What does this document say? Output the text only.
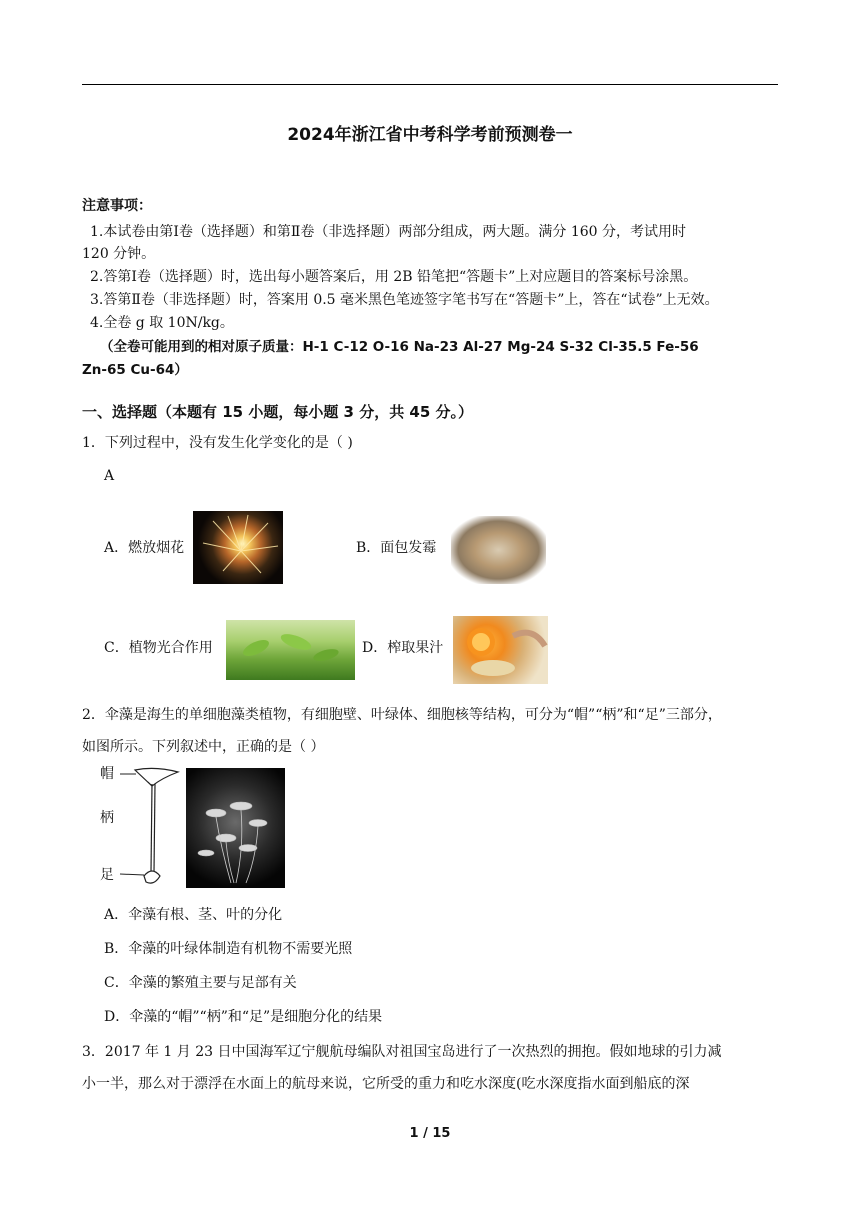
2024年浙江省中考科学考前预测卷一
注意事项：
1.本试卷由第Ⅰ卷（选择题）和第Ⅱ卷（非选择题）两部分组成，两大题。满分 160 分，考试用时
120 分钟。
2.答第Ⅰ卷（选择题）时，选出每小题答案后，用 2B 铅笔把“答题卡”上对应题目的答案标号涂黑。
3.答第Ⅱ卷（非选择题）时，答案用 0.5 毫米黑色笔迹签字笔书写在“答题卡”上，答在“试卷”上无效。
4.全卷 g 取 10N/kg。
（全卷可能用到的相对原子质量：H-1 C-12 O-16 Na-23 Al-27 Mg-24 S-32 Cl-35.5 Fe-56
Zn-65 Cu-64）
一、选择题（本题有 15 小题，每小题 3 分，共 45 分。）
1．下列过程中，没有发生化学变化的是（ )
A
A．燃放烟花	B．面包发霉
C．植物光合作用	D．榨取果汁
2．伞藻是海生的单细胞藻类植物，有细胞壁、叶绿体、细胞核等结构，可分为“帽”“柄”和“足”三部分，
如图所示。下列叙述中，正确的是（ ）
帽
柄
足
A．伞藻有根、茎、叶的分化
B．伞藻的叶绿体制造有机物不需要光照
C．伞藻的繁殖主要与足部有关
D．伞藻的“帽”“柄”和“足”是细胞分化的结果
3．2017 年 1 月 23 日中国海军辽宁舰航母编队对祖国宝岛进行了一次热烈的拥抱。假如地球的引力减
小一半，那么对于漂浮在水面上的航母来说，它所受的重力和吃水深度(吃水深度指水面到船底的深
1 / 15
